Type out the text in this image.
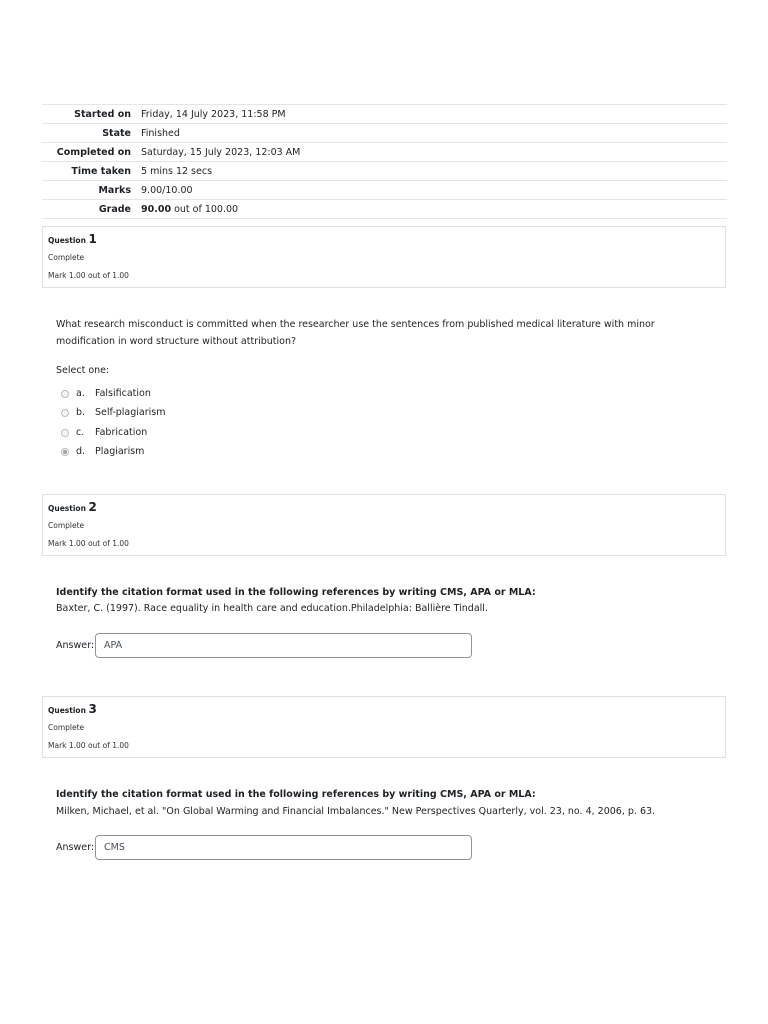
Started on	Friday, 14 July 2023, 11:58 PM
State	Finished
Completed on	Saturday, 15 July 2023, 12:03 AM
Time taken	5 mins 12 secs
Marks	9.00/10.00
Grade	90.00 out of 100.00
Question 1
Complete
Mark 1.00 out of 1.00
What research misconduct is committed when the researcher use the sentences from published medical literature with minor modification in word structure without attribution?
Select one:
a.	Falsification
b.	Self-plagiarism
c.	Fabrication
d.	Plagiarism
Question 2
Complete
Mark 1.00 out of 1.00
Identify the citation format used in the following references by writing CMS, APA or MLA:
Baxter, C. (1997). Race equality in health care and education.Philadelphia: Ballière Tindall.
Answer:	APA
Question 3
Complete
Mark 1.00 out of 1.00
Identify the citation format used in the following references by writing CMS, APA or MLA:
Milken, Michael, et al. "On Global Warming and Financial Imbalances." New Perspectives Quarterly, vol. 23, no. 4, 2006, p. 63.
Answer:	CMS
